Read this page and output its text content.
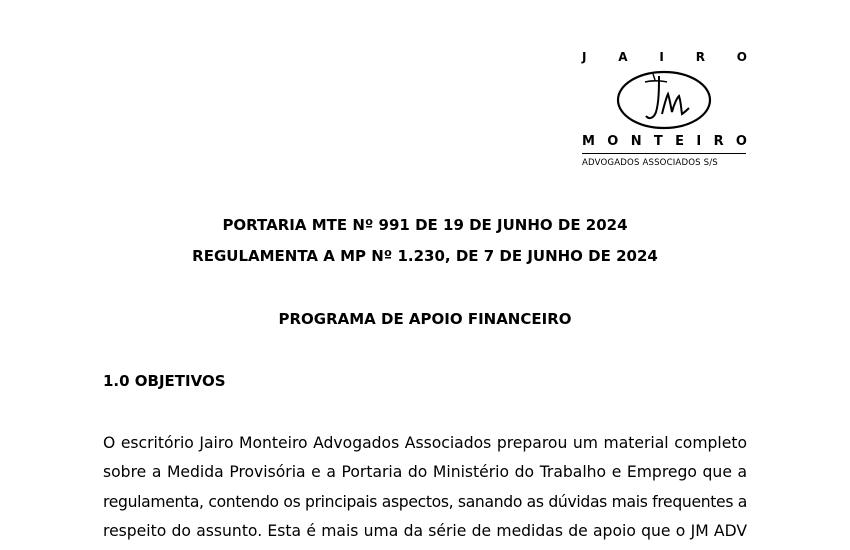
J	A	I	R	O
M O N T E I R O
ADVOGADOS ASSOCIADOS S/S
PORTARIA MTE Nº 991 DE 19 DE JUNHO DE 2024
REGULAMENTA A MP Nº 1.230, DE 7 DE JUNHO DE 2024
PROGRAMA DE APOIO FINANCEIRO
1.0 OBJETIVOS
O escritório Jairo Monteiro Advogados Associados preparou um material completo
sobre a Medida Provisória e a Portaria do Ministério do Trabalho e Emprego que a
regulamenta, contendo os principais aspectos, sanando as dúvidas mais frequentes a
respeito do assunto. Esta é mais uma da série de medidas de apoio que o JM ADV
